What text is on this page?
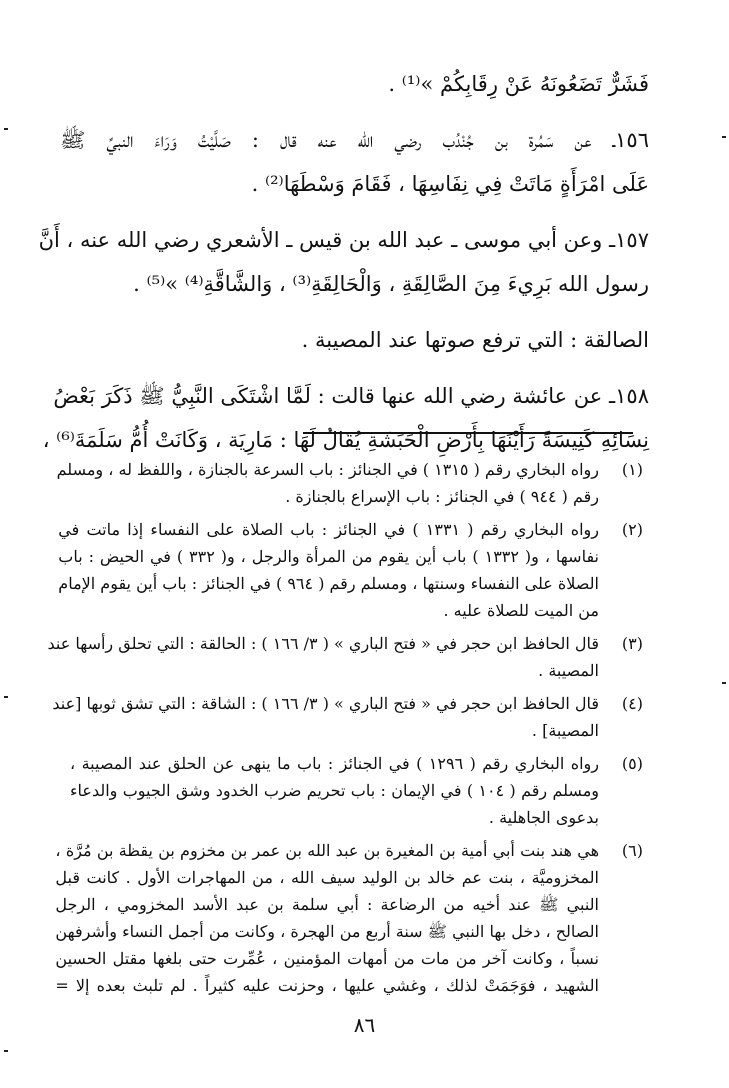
فَشَرٌّ تَضَعُونَهُ عَنْ رِقَابِكُمْ »⁽¹⁾ .

١٥٦ـ عن سَمُرة بن جُنْدُب رضي الله عنه قال : صَلَّيْتُ وَرَاءَ النبيِّ ﷺ

عَلَى امْرَأَةٍ مَاتَتْ فِي نِفَاسِهَا ، فَقَامَ وَسْطَهَا⁽²⁾ .

١٥٧ـ وعن أبي موسى ـ عبد الله بن قيس ـ الأشعري رضي الله عنه ، أَنَّ

رسول الله بَرِيءَ مِنَ الصَّالِقَةِ ، وَالْحَالِقَةِ⁽³⁾ ، وَالشَّاقَّةِ⁽⁴⁾ »⁽⁵⁾ .

الصالقة : التي ترفع صوتها عند المصيبة .

١٥٨ـ عن عائشة رضي الله عنها قالت : لَمَّا اشْتَكَى النَّبِيُّ ﷺ ذَكَرَ بَعْضُ

نِسَائِهِ كَنِيسَةً رَأَيْنَهَا بِأَرْضِ الْحَبَشَةِ يُقَالُ لَهَا : مَارِيَة ، وَكَانَتْ أُمُّ سَلَمَةَ⁽⁶⁾ ،

(١)

رواه البخاري رقم ( ١٣١٥ ) في الجنائز : باب السرعة بالجنازة ، واللفظ له ، ومسلم

رقم ( ٩٤٤ ) في الجنائز : باب الإسراع بالجنازة .

(٢)

رواه البخاري رقم ( ١٣٣١ ) في الجنائز : باب الصلاة على النفساء إذا ماتت في

نفاسها ، و( ١٣٣٢ ) باب أين يقوم من المرأة والرجل ، و( ٣٣٢ ) في الحيض : باب

الصلاة على النفساء وسنتها ، ومسلم رقم ( ٩٦٤ ) في الجنائز : باب أين يقوم الإمام

من الميت للصلاة عليه .

(٣)

قال الحافظ ابن حجر في « فتح الباري » ( ٣/ ١٦٦ ) : الحالقة : التي تحلق رأسها عند

المصيبة .

(٤)

قال الحافظ ابن حجر في « فتح الباري » ( ٣/ ١٦٦ ) : الشاقة : التي تشق ثوبها [عند

المصيبة] .

(٥)

رواه البخاري رقم ( ١٢٩٦ ) في الجنائز : باب ما ينهى عن الحلق عند المصيبة ،

ومسلم رقم ( ١٠٤ ) في الإيمان : باب تحريم ضرب الخدود وشق الجيوب والدعاء

بدعوى الجاهلية .

(٦)

هي هند بنت أبي أمية بن المغيرة بن عبد الله بن عمر بن مخزوم بن يقظة بن مُرَّة ،

المخزوميَّة ، بنت عم خالد بن الوليد سيف الله ، من المهاجرات الأول . كانت قبل

النبي ﷺ عند أخيه من الرضاعة : أبي سلمة بن عبد الأسد المخزومي ، الرجل

الصالح ، دخل بها النبي ﷺ سنة أربع من الهجرة ، وكانت من أجمل النساء وأشرفهن

نسباً ، وكانت آخر من مات من أمهات المؤمنين ، عُمِّرت حتى بلغها مقتل الحسين

الشهيد ، فوَجَمَتْ لذلك ، وغشي عليها ، وحزنت عليه كثيراً . لم تلبث بعده إلا =

٨٦
